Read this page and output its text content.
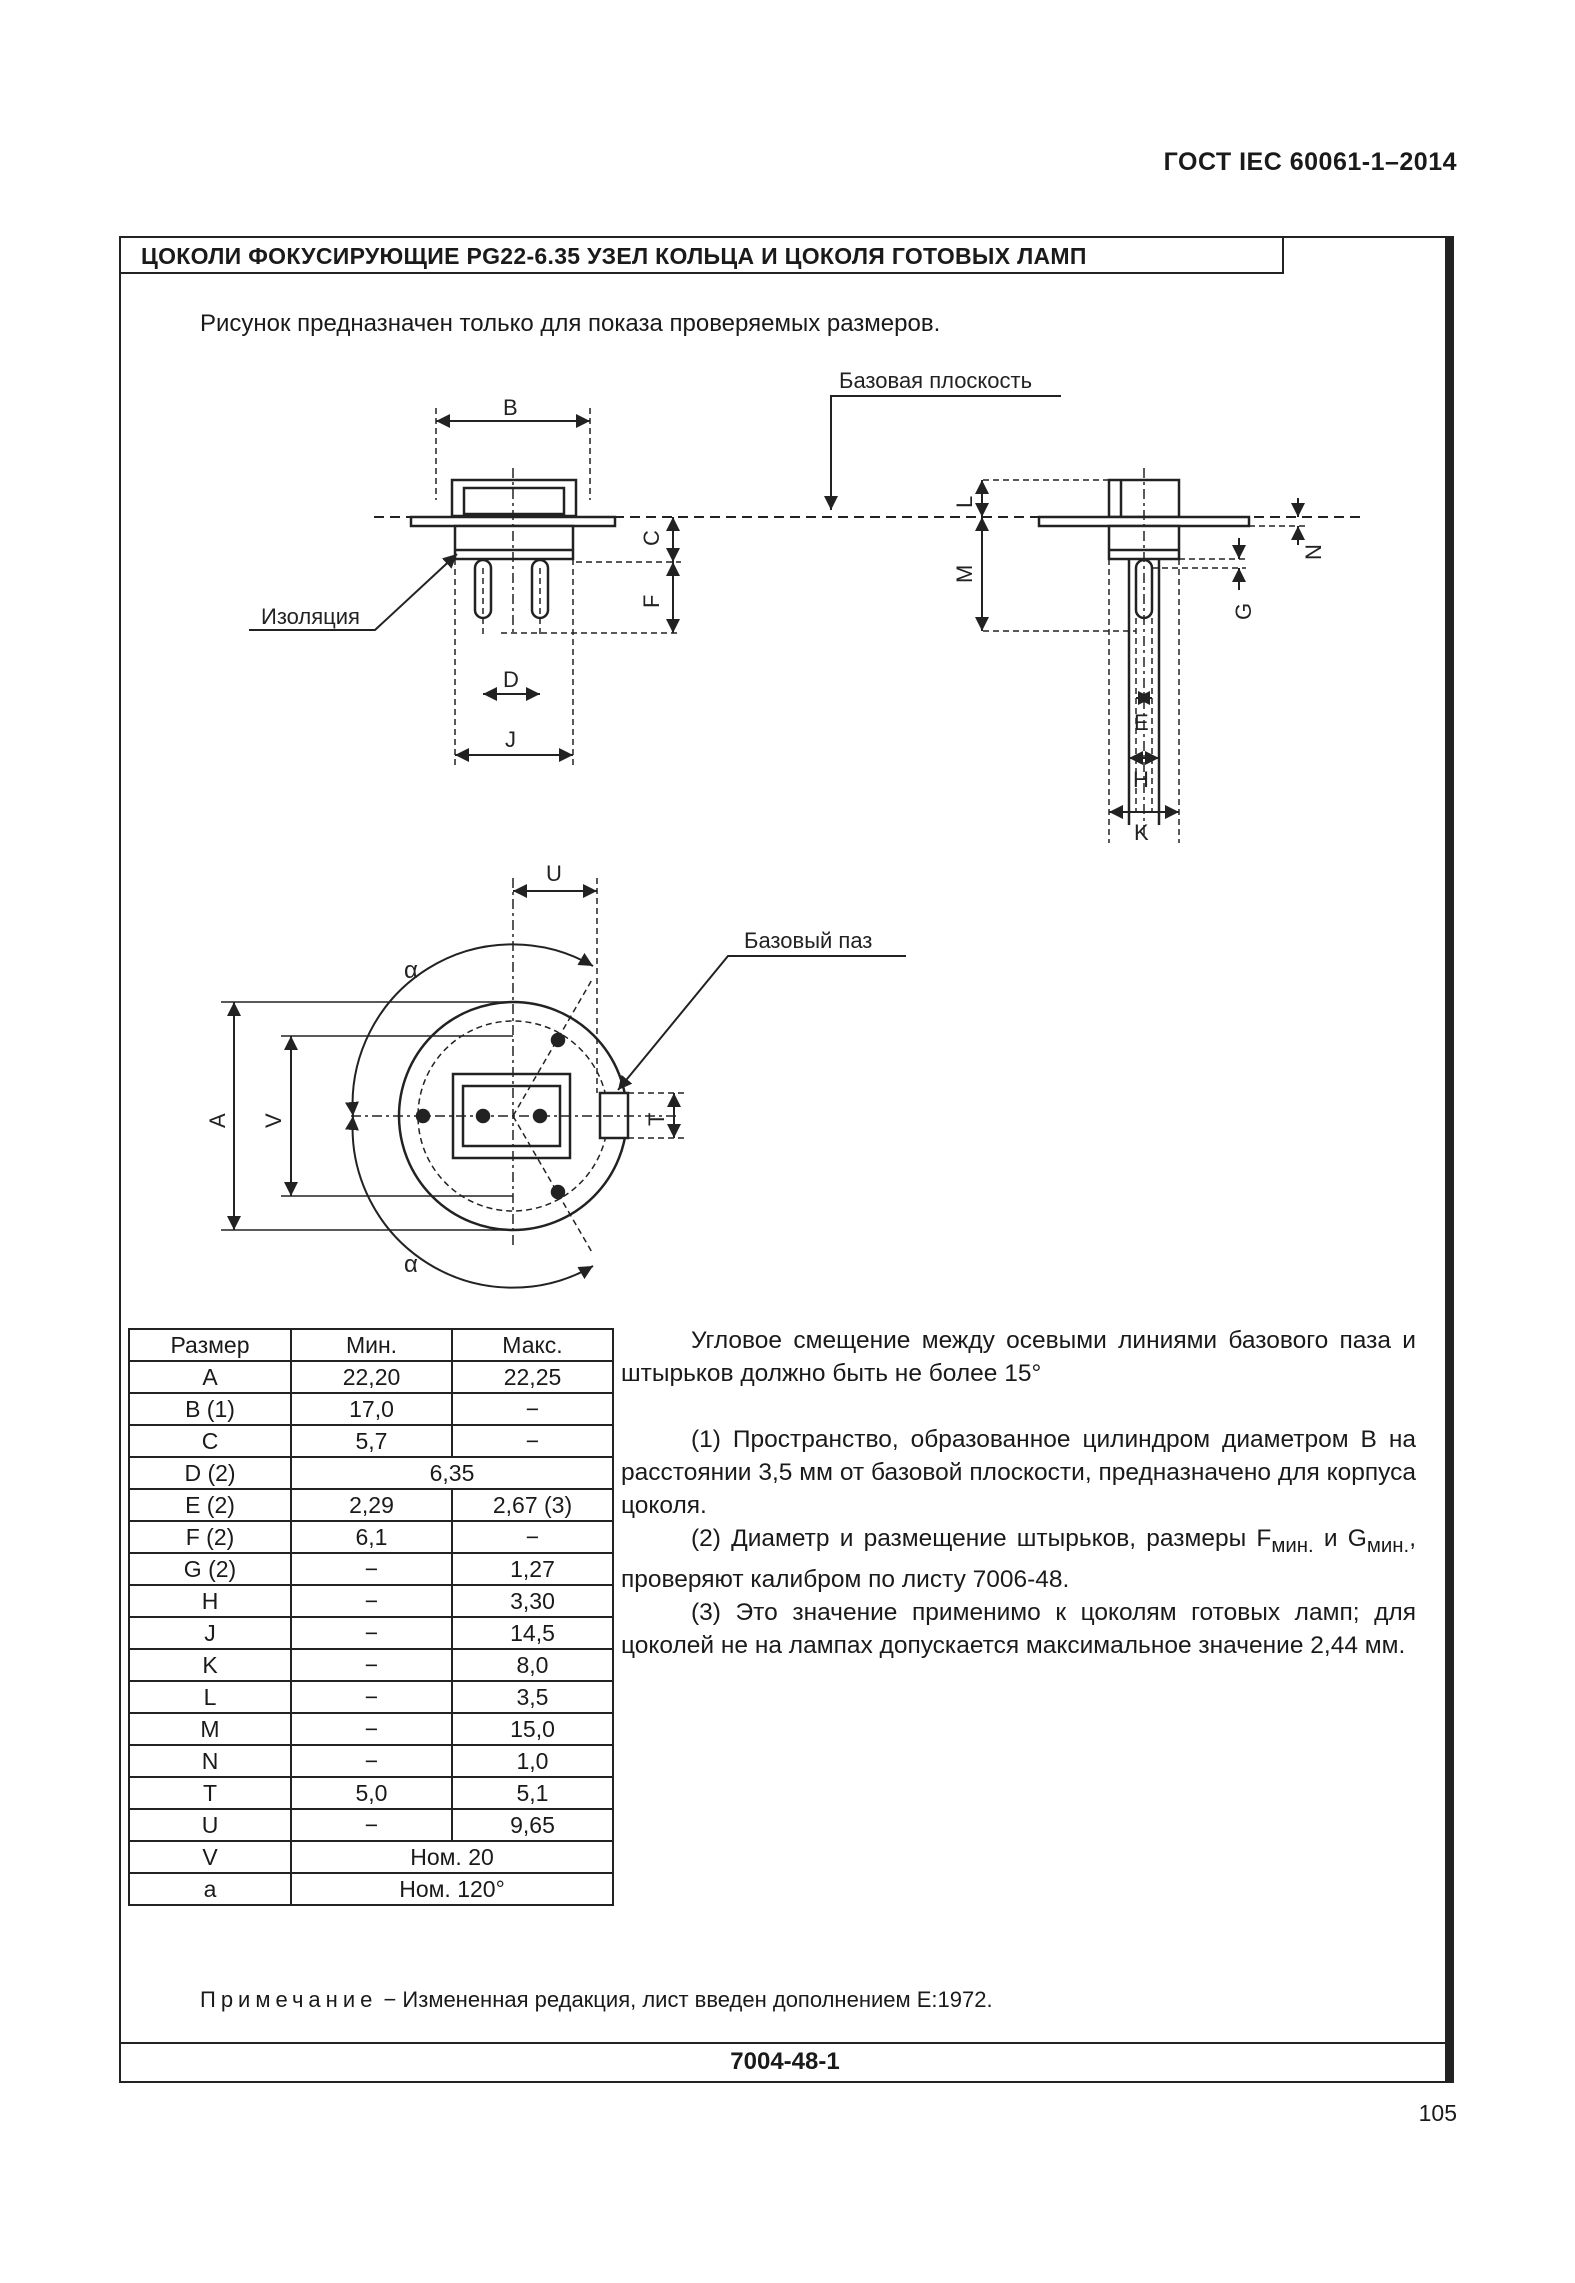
ГОСТ IEC 60061-1–2014
ЦОКОЛИ ФОКУСИРУЮЩИЕ PG22-6.35 УЗЕЛ КОЛЬЦА И ЦОКОЛЯ ГОТОВЫХ ЛАМП
Рисунок предназначен только для показа проверяемых размеров.
Базовая плоскость
B
C
F
Изоляция
D
J
L
M
N
G
E
H
K
U
Базовый паз
T
A V
α
α
Размер	Мин.	Макс.
A	22,20	22,25
B (1)	17,0	−
C	5,7	−
D (2)	6,35	
E (2)	2,29	2,67 (3)
F (2)	6,1	−
G (2)	−	1,27
H	−	3,30
J	−	14,5
K	−	8,0
L	−	3,5
M	−	15,0
N	−	1,0
T	5,0	5,1
U	−	9,65
V	Ном. 20	
a	Ном. 120°	

Угловое смещение между осевыми линиями базового паза и штырьков должно быть не более 15°

(1) Пространство, образованное цилиндром диаметром B на расстоянии 3,5 мм от базовой плоскости, предназначено для корпуса цоколя.

(2) Диаметр и размещение штырьков, размеры $F_{мин.}$ и $G_{мин.}$, проверяют калибром по листу 7006-48.

(3) Это значение применимо к цоколям готовых ламп; для цоколей не на лампах допускается максимальное значение 2,44 мм.

Примечание − Измененная редакция, лист введен дополнением E:1972.
7004-48-1
105
